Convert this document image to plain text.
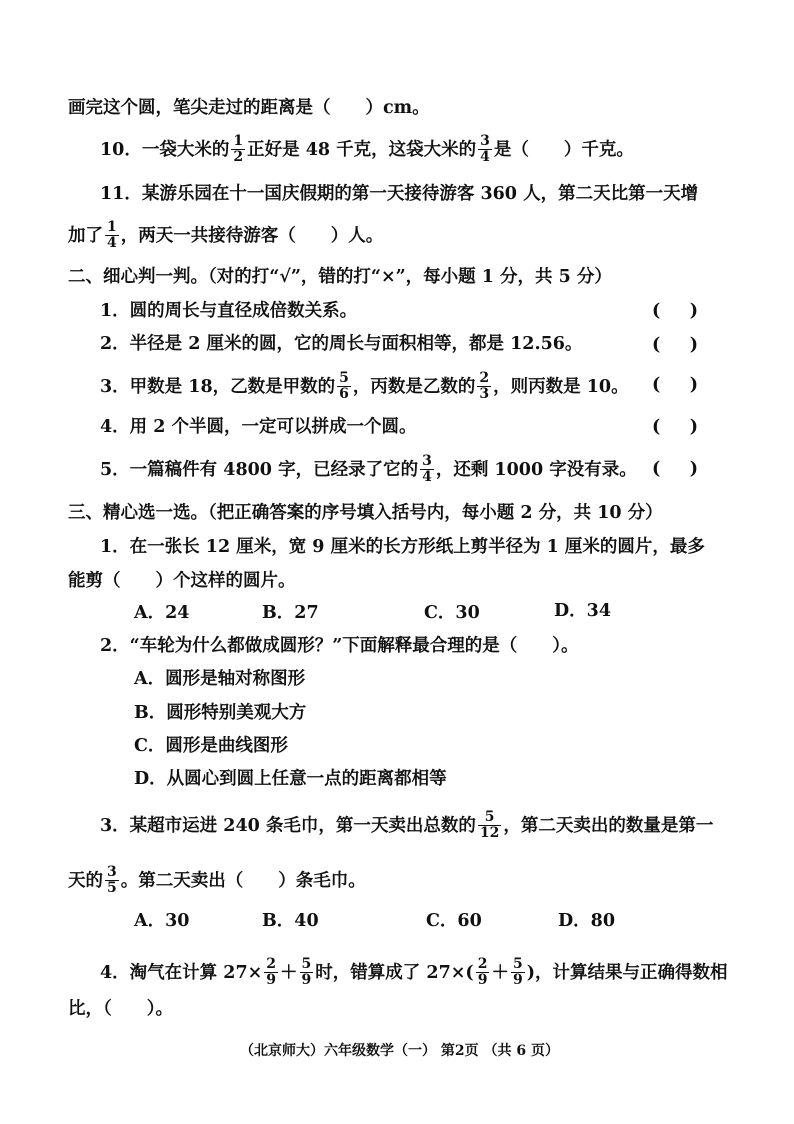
画完这个圆，笔尖走过的距离是（　　）cm。
10．一袋大米的 $\frac{1}{2}$ 正好是 48 千克，这袋大米的 $\frac{3}{4}$ 是（　　）千克。
11．某游乐园在十一国庆假期的第一天接待游客 360 人，第二天比第一天增
加了 $\frac{1}{4}$ ，两天一共接待游客（　　）人。
二、细心判一判。（对的打“√”，错的打“×”，每小题 1 分，共 5 分）
1．圆的周长与直径成倍数关系。	( )
2．半径是 2 厘米的圆，它的周长与面积相等，都是 12.56。	( )
3．甲数是 18，乙数是甲数的 $\frac{5}{6}$ ，丙数是乙数的 $\frac{2}{3}$ ，则丙数是 10。 ( )
4．用 2 个半圆，一定可以拼成一个圆。	( )
5．一篇稿件有 4800 字，已经录了它的 $\frac{3}{4}$ ，还剩 1000 字没有录。 ( )
三、精心选一选。（把正确答案的序号填入括号内，每小题 2 分，共 10 分）
1．在一张长 12 厘米，宽 9 厘米的长方形纸上剪半径为 1 厘米的圆片，最多
能剪（　　）个这样的圆片。
A．24	B．27	C．30	D．34
2．“车轮为什么都做成圆形？”下面解释最合理的是（　　）。
A．圆形是轴对称图形
B．圆形特别美观大方
C．圆形是曲线图形
D．从圆心到圆上任意一点的距离都相等
3．某超市运进 240 条毛巾，第一天卖出总数的 $\frac{5}{12}$ ，第二天卖出的数量是第一
天的 $\frac{3}{5}$ 。第二天卖出（　　）条毛巾。
A．30	B．40	C．60	D．80
4．淘气在计算 $27\times \frac{2}{9} + \frac{5}{9}$ 时，错算成了 $27\times( \frac{2}{9} + \frac{5}{9}$ )，计算结果与正确得数相
比，（　　）。
（北京师大）六年级数学（一） 第2页 （共 6 页）
